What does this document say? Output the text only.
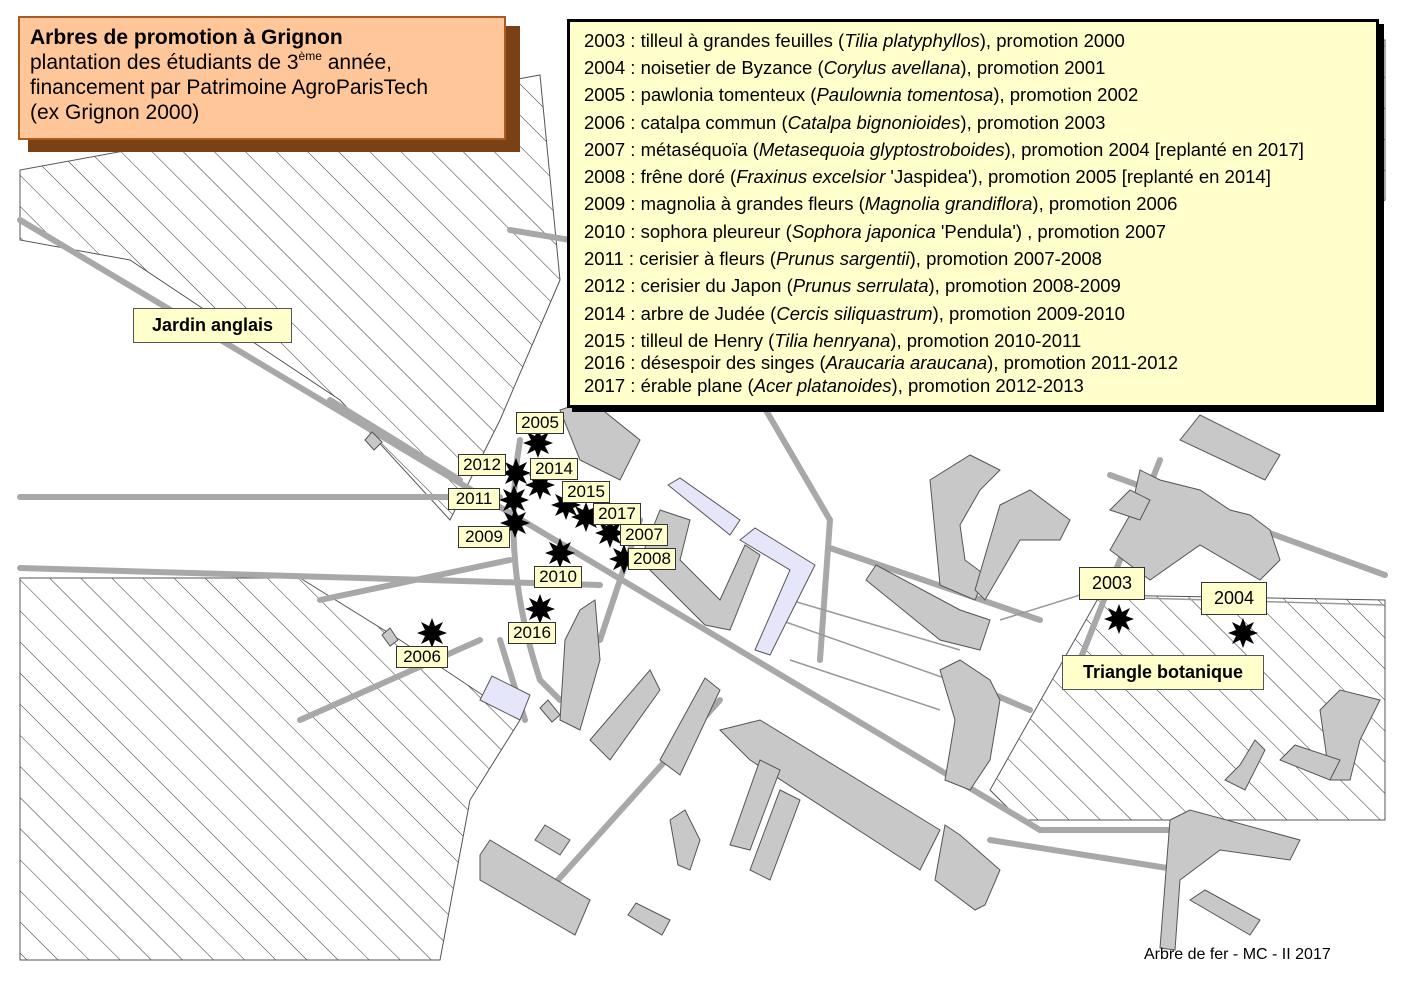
Arbres de promotion à Grignon
plantation des étudiants de 3ème année,
financement par Patrimoine AgroParisTech
(ex Grignon 2000)
2003 : tilleul à grandes feuilles (Tilia platyphyllos), promotion 2000
2004 : noisetier de Byzance (Corylus avellana), promotion 2001
2005 : pawlonia tomenteux (Paulownia tomentosa), promotion 2002
2006 : catalpa commun (Catalpa bignonioides), promotion 2003
2007 : métaséquoïa (Metasequoia glyptostroboides), promotion 2004 [replanté en 2017]
2008 : frêne doré (Fraxinus excelsior 'Jaspidea'), promotion 2005 [replanté en 2014]
2009 : magnolia à grandes fleurs (Magnolia grandiflora), promotion 2006
2010 : sophora pleureur (Sophora japonica 'Pendula') , promotion 2007
2011 : cerisier à fleurs (Prunus sargentii), promotion 2007-2008
2012 : cerisier du Japon (Prunus serrulata), promotion 2008-2009
2014 : arbre de Judée (Cercis siliquastrum), promotion 2009-2010
2015 : tilleul de Henry (Tilia henryana), promotion 2010-2011
2016 : désespoir des singes (Araucaria araucana), promotion 2011-2012
2017 : érable plane (Acer platanoides), promotion 2012-2013
Jardin anglais
Triangle botanique
2005
2012 2014
2011	2015
2017
2007
2009
2008
2010
2016
2006
2003
2004
Arbre de fer - MC - II 2017
